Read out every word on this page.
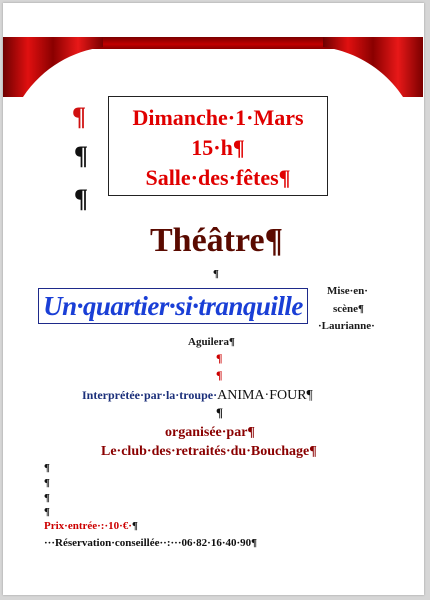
¶
¶
¶
Dimanche·1·Mars
15·h¶
Salle·des·fêtes¶
Théâtre¶
¶
Un·quartier·si·tranquille	Mise·en·
scène¶
·Laurianne·
Aguilera¶
¶
¶
Interprétée·par·la·troupe·ANIMA·FOUR¶
¶
organisée·par¶
Le·club·des·retraités·du·Bouchage¶
¶
¶
¶
¶
Prix·entrée·:·10·€·¶
···Réservation·conseillée··:···06·82·16·40·90¶
